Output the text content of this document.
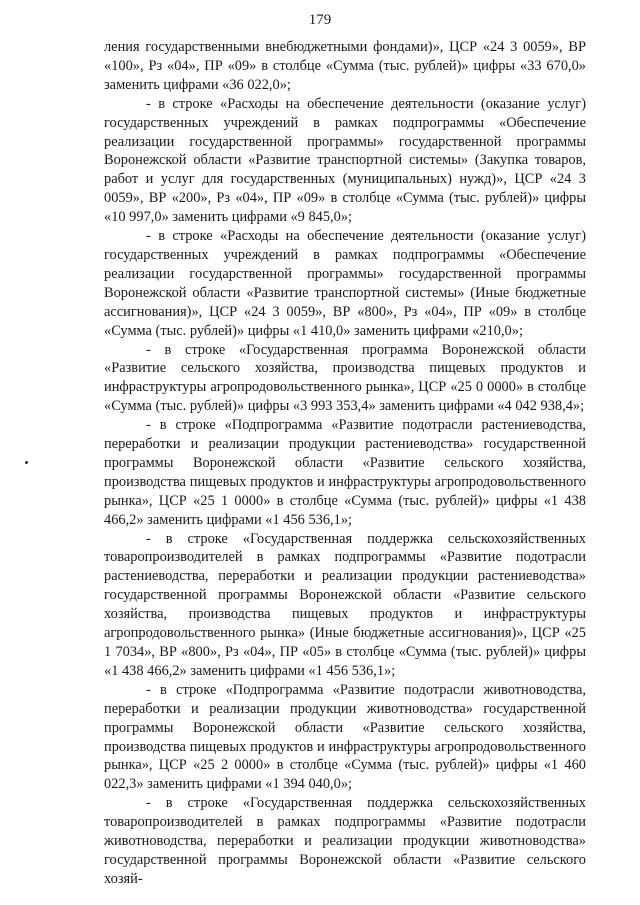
179

ления государственными внебюджетными фондами)», ЦСР «24 3 0059», ВР «100», Рз «04», ПР «09» в столбце «Сумма (тыс. рублей)» цифры «33 670,0» заменить цифрами «36 022,0»;

- в строке «Расходы на обеспечение деятельности (оказание услуг) государственных учреждений в рамках подпрограммы «Обеспечение реализации государственной программы» государственной программы Воронежской области «Развитие транспортной системы» (Закупка товаров, работ и услуг для государственных (муниципальных) нужд)», ЦСР «24 3 0059», ВР «200», Рз «04», ПР «09» в столбце «Сумма (тыс. рублей)» цифры «10 997,0» заменить цифрами «9 845,0»;

- в строке «Расходы на обеспечение деятельности (оказание услуг) государственных учреждений в рамках подпрограммы «Обеспечение реализации государственной программы» государственной программы Воронежской области «Развитие транспортной системы» (Иные бюджетные ассигнования)», ЦСР «24 3 0059», ВР «800», Рз «04», ПР «09» в столбце «Сумма (тыс. рублей)» цифры «1 410,0» заменить цифрами «210,0»;

- в строке «Государственная программа Воронежской области «Развитие сельского хозяйства, производства пищевых продуктов и инфраструктуры агропродовольственного рынка», ЦСР «25 0 0000» в столбце «Сумма (тыс. рублей)» цифры «3 993 353,4» заменить цифрами «4 042 938,4»;

- в строке «Подпрограмма «Развитие подотрасли растениеводства, переработки и реализации продукции растениеводства» государственной программы Воронежской области «Развитие сельского хозяйства, производства пищевых продуктов и инфраструктуры агропродовольственного рынка», ЦСР «25 1 0000» в столбце «Сумма (тыс. рублей)» цифры «1 438 466,2» заменить цифрами «1 456 536,1»;

- в строке «Государственная поддержка сельскохозяйственных товаропроизводителей в рамках подпрограммы «Развитие подотрасли растениеводства, переработки и реализации продукции растениеводства» государственной программы Воронежской области «Развитие сельского хозяйства, производства пищевых продуктов и инфраструктуры агропродовольственного рынка» (Иные бюджетные ассигнования)», ЦСР «25 1 7034», ВР «800», Рз «04», ПР «05» в столбце «Сумма (тыс. рублей)» цифры «1 438 466,2» заменить цифрами «1 456 536,1»;

- в строке «Подпрограмма «Развитие подотрасли животноводства, переработки и реализации продукции животноводства» государственной программы Воронежской области «Развитие сельского хозяйства, производства пищевых продуктов и инфраструктуры агропродовольственного рынка», ЦСР «25 2 0000» в столбце «Сумма (тыс. рублей)» цифры «1 460 022,3» заменить цифрами «1 394 040,0»;

- в строке «Государственная поддержка сельскохозяйственных товаропроизводителей в рамках подпрограммы «Развитие подотрасли животноводства, переработки и реализации продукции животноводства» государственной программы Воронежской области «Развитие сельского хозяй-
